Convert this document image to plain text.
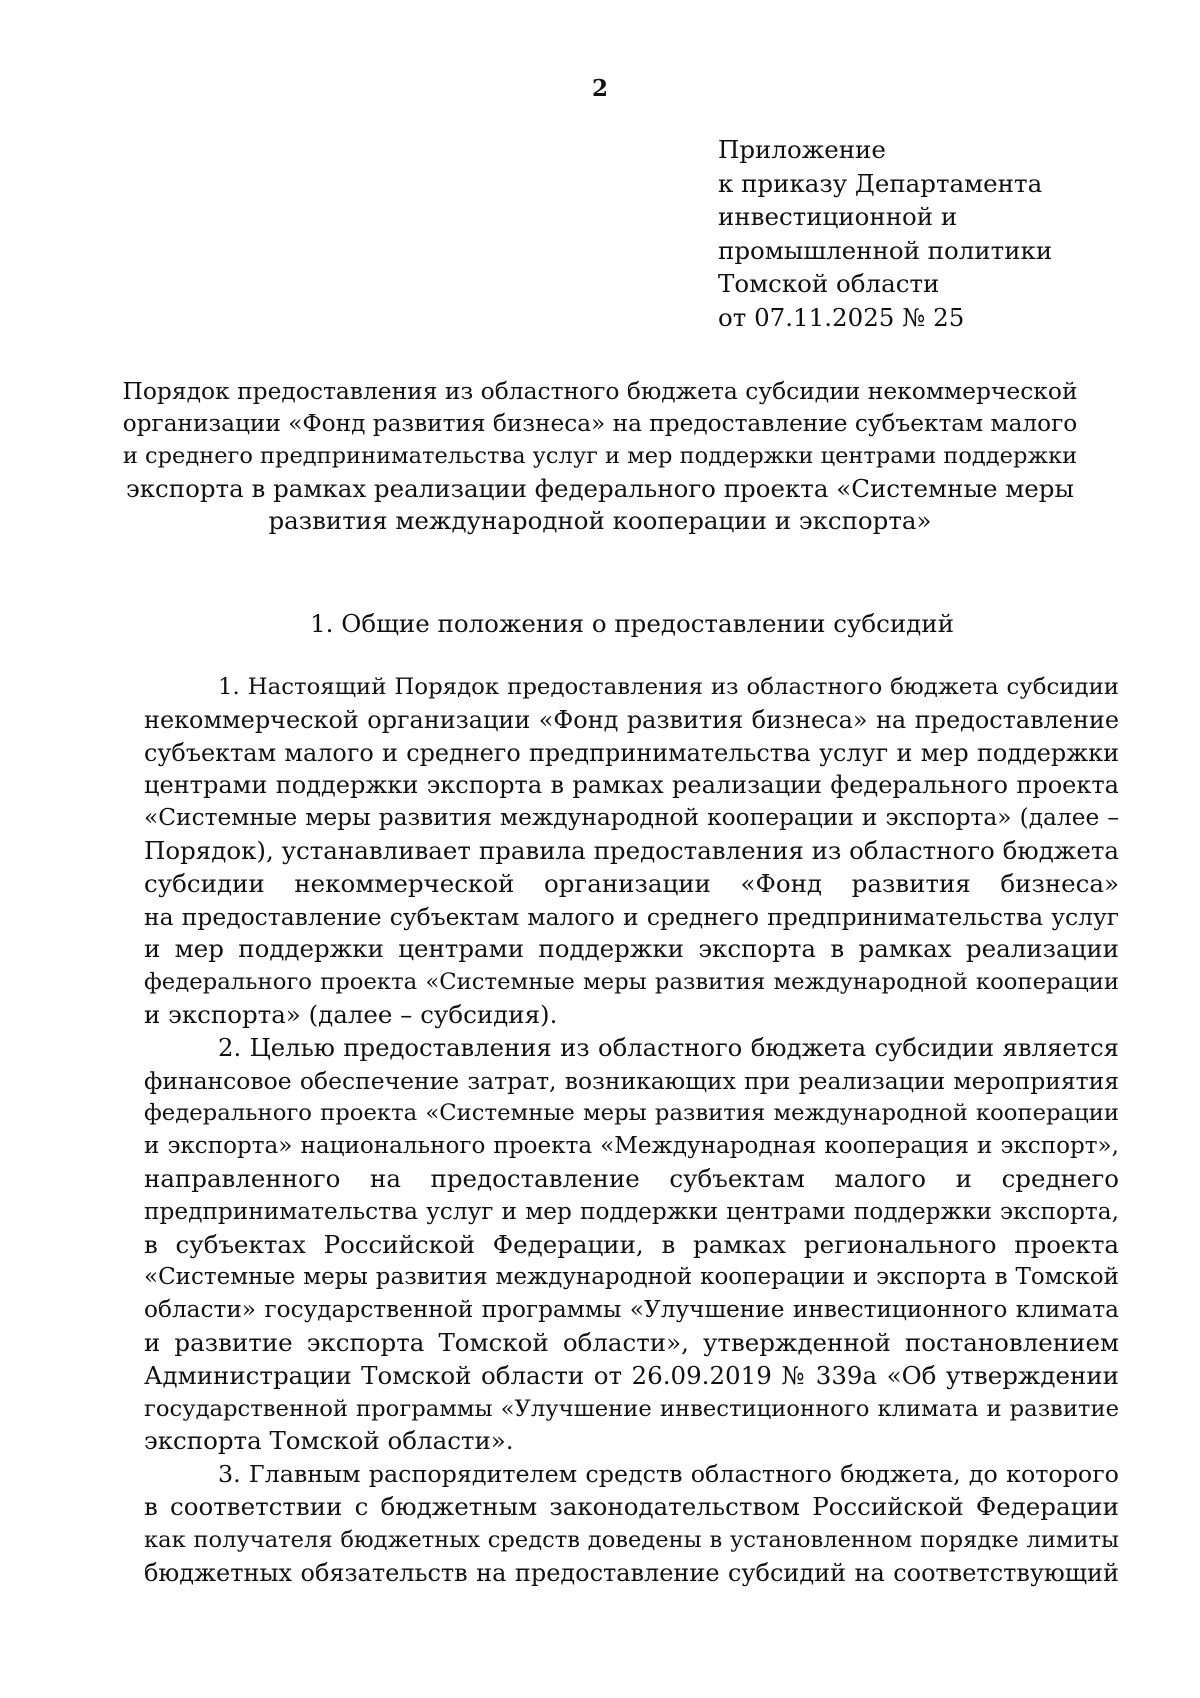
2
Приложение
к приказу Департамента
инвестиционной и
промышленной политики
Томской области
от 07.11.2025 № 25
Порядок предоставления из областного бюджета субсидии некоммерческой
организации «Фонд развития бизнеса» на предоставление субъектам малого
и среднего предпринимательства услуг и мер поддержки центрами поддержки
экспорта в рамках реализации федерального проекта «Системные меры
развития международной кооперации и экспорта»
1. Общие положения о предоставлении субсидий
1. Настоящий Порядок предоставления из областного бюджета субсидии
некоммерческой организации «Фонд развития бизнеса» на предоставление
субъектам малого и среднего предпринимательства услуг и мер поддержки
центрами поддержки экспорта в рамках реализации федерального проекта
«Системные меры развития международной кооперации и экспорта» (далее –
Порядок), устанавливает правила предоставления из областного бюджета
субсидии некоммерческой организации «Фонд развития бизнеса»
на предоставление субъектам малого и среднего предпринимательства услуг
и мер поддержки центрами поддержки экспорта в рамках реализации
федерального проекта «Системные меры развития международной кооперации
и экспорта» (далее – субсидия).
2. Целью предоставления из областного бюджета субсидии является
финансовое обеспечение затрат, возникающих при реализации мероприятия
федерального проекта «Системные меры развития международной кооперации
и экспорта» национального проекта «Международная кооперация и экспорт»,
направленного на предоставление субъектам малого и среднего
предпринимательства услуг и мер поддержки центрами поддержки экспорта,
в субъектах Российской Федерации, в рамках регионального проекта
«Системные меры развития международной кооперации и экспорта в Томской
области» государственной программы «Улучшение инвестиционного климата
и развитие экспорта Томской области», утвержденной постановлением
Администрации Томской области от 26.09.2019 № 339а «Об утверждении
государственной программы «Улучшение инвестиционного климата и развитие
экспорта Томской области».
3. Главным распорядителем средств областного бюджета, до которого
в соответствии с бюджетным законодательством Российской Федерации
как получателя бюджетных средств доведены в установленном порядке лимиты
бюджетных обязательств на предоставление субсидий на соответствующий
